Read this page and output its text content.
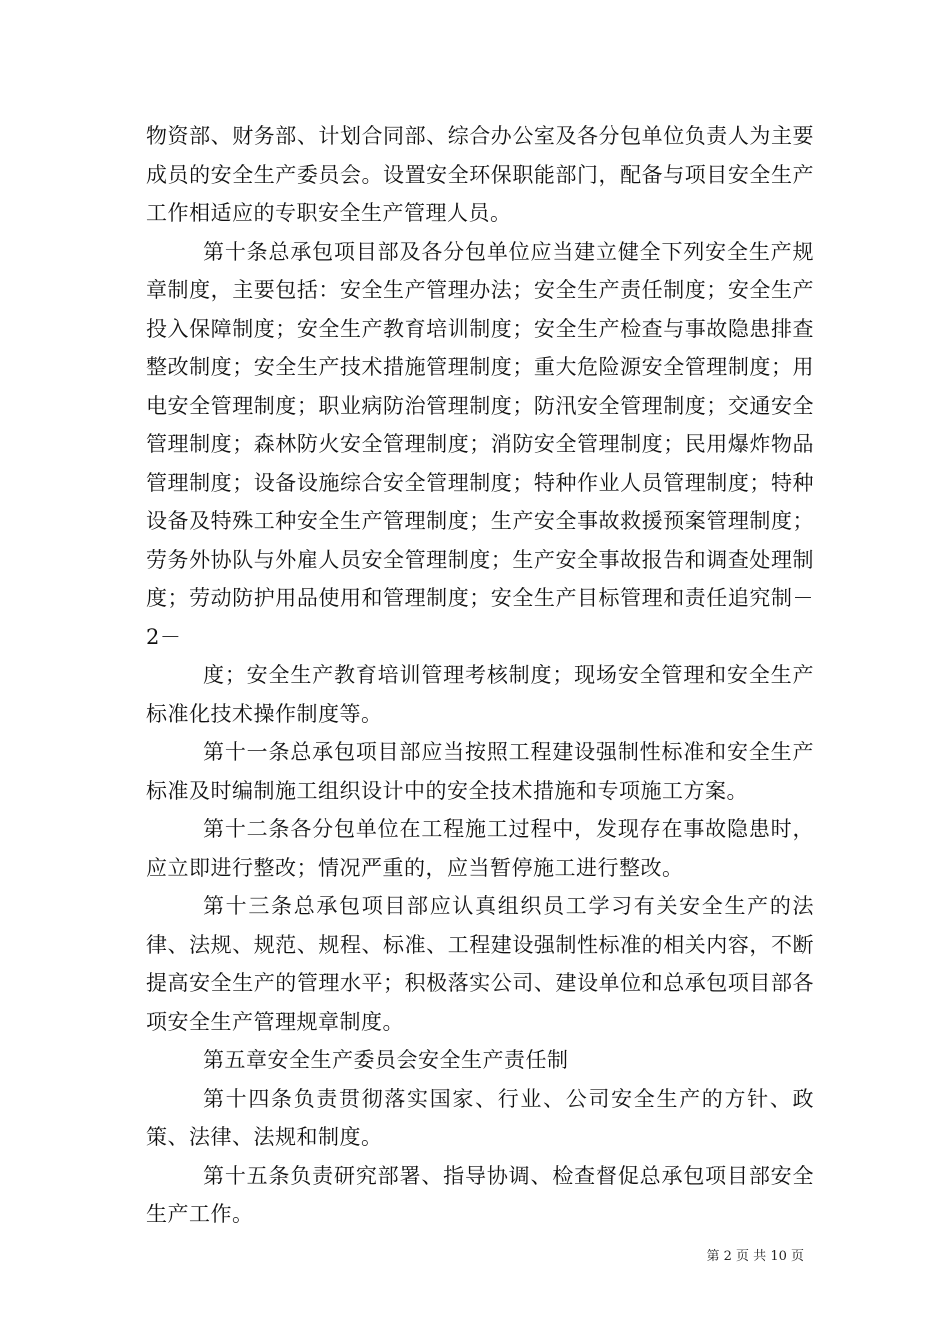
物资部、财务部、计划合同部、综合办公室及各分包单位负责人为主要成员的安全生产委员会。设置安全环保职能部门，配备与项目安全生产工作相适应的专职安全生产管理人员。

第十条总承包项目部及各分包单位应当建立健全下列安全生产规章制度，主要包括：安全生产管理办法；安全生产责任制度；安全生产投入保障制度；安全生产教育培训制度；安全生产检查与事故隐患排查整改制度；安全生产技术措施管理制度；重大危险源安全管理制度；用电安全管理制度；职业病防治管理制度；防汛安全管理制度；交通安全管理制度；森林防火安全管理制度；消防安全管理制度；民用爆炸物品管理制度；设备设施综合安全管理制度；特种作业人员管理制度；特种设备及特殊工种安全生产管理制度；生产安全事故救援预案管理制度；劳务外协队与外雇人员安全管理制度；生产安全事故报告和调查处理制度；劳动防护用品使用和管理制度；安全生产目标管理和责任追究制－2－

度；安全生产教育培训管理考核制度；现场安全管理和安全生产标准化技术操作制度等。

第十一条总承包项目部应当按照工程建设强制性标准和安全生产标准及时编制施工组织设计中的安全技术措施和专项施工方案。

第十二条各分包单位在工程施工过程中，发现存在事故隐患时，应立即进行整改；情况严重的，应当暂停施工进行整改。

第十三条总承包项目部应认真组织员工学习有关安全生产的法律、法规、规范、规程、标准、工程建设强制性标准的相关内容，不断提高安全生产的管理水平；积极落实公司、建设单位和总承包项目部各项安全生产管理规章制度。

第五章安全生产委员会安全生产责任制

第十四条负责贯彻落实国家、行业、公司安全生产的方针、政策、法律、法规和制度。

第十五条负责研究部署、指导协调、检查督促总承包项目部安全生产工作。

第 2 页 共 10 页
